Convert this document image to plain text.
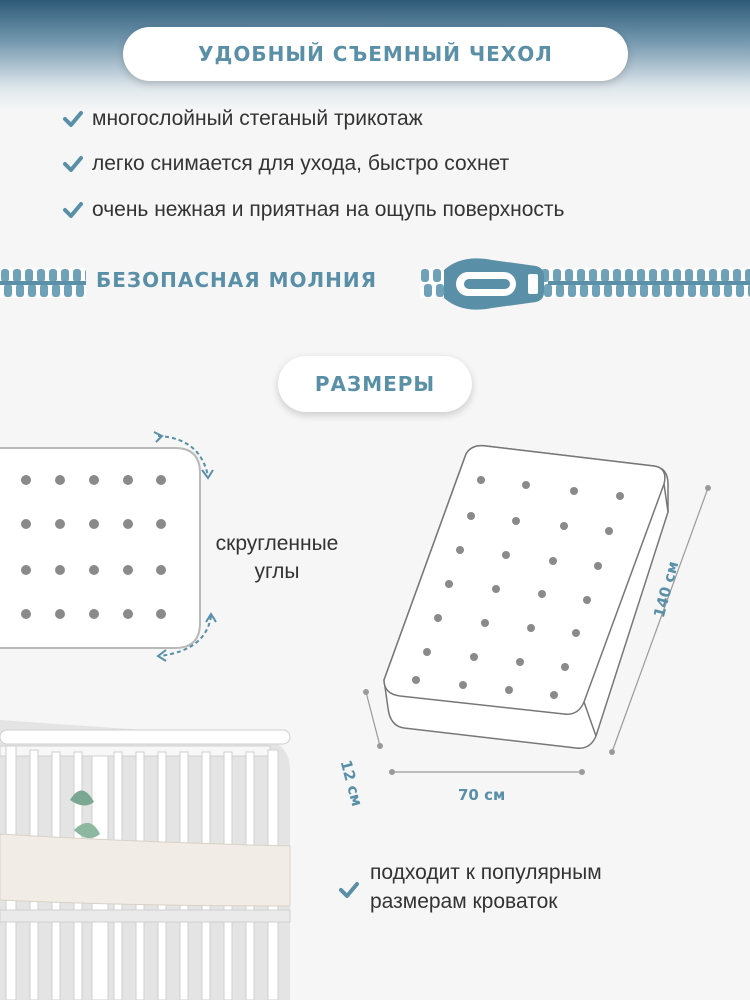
УДОБНЫЙ СЪЕМНЫЙ ЧЕХОЛ
многослойный стеганый трикотаж
легко снимается для ухода, быстро сохнет
очень нежная и приятная на ощупь поверхность
БЕЗОПАСНАЯ МОЛНИЯ
РАЗМЕРЫ
скругленные углы
70 см
140 см
12 см
подходит к популярным
размерам кроваток
